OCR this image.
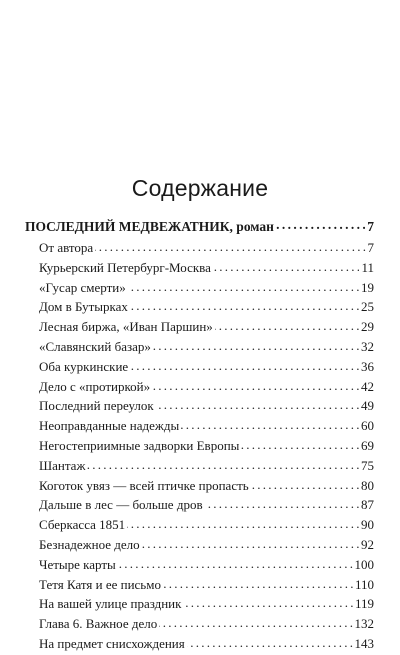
Содержание
ПОСЛЕДНИЙ МЕДВЕЖАТНИК, роман . . .	7
От автора . . .	7
Курьерский Петербург-Москва . . .	11
«Гусар смерти» . . .	19
Дом в Бутырках . . .	25
Лесная биржа, «Иван Паршин» . . .	29
«Славянский базар» . . .	32
Оба куркинские . . .	36
Дело с «протиркой» . . .	42
Последний переулок . . .	49
Неоправданные надежды . . .	60
Негостеприимные задворки Европы . . .	69
Шантаж . . .	75
Коготок увяз — всей птичке пропасть . . .	80
Дальше в лес — больше дров . . .	87
Сберкасса 1851 . . .	90
Безнадежное дело . . .	92
Четыре карты . . .	100
Тетя Катя и ее письмо . . .	110
На вашей улице праздник . . .	119
Глава 6. Важное дело . . .	132
На предмет снисхождения . . .	143
